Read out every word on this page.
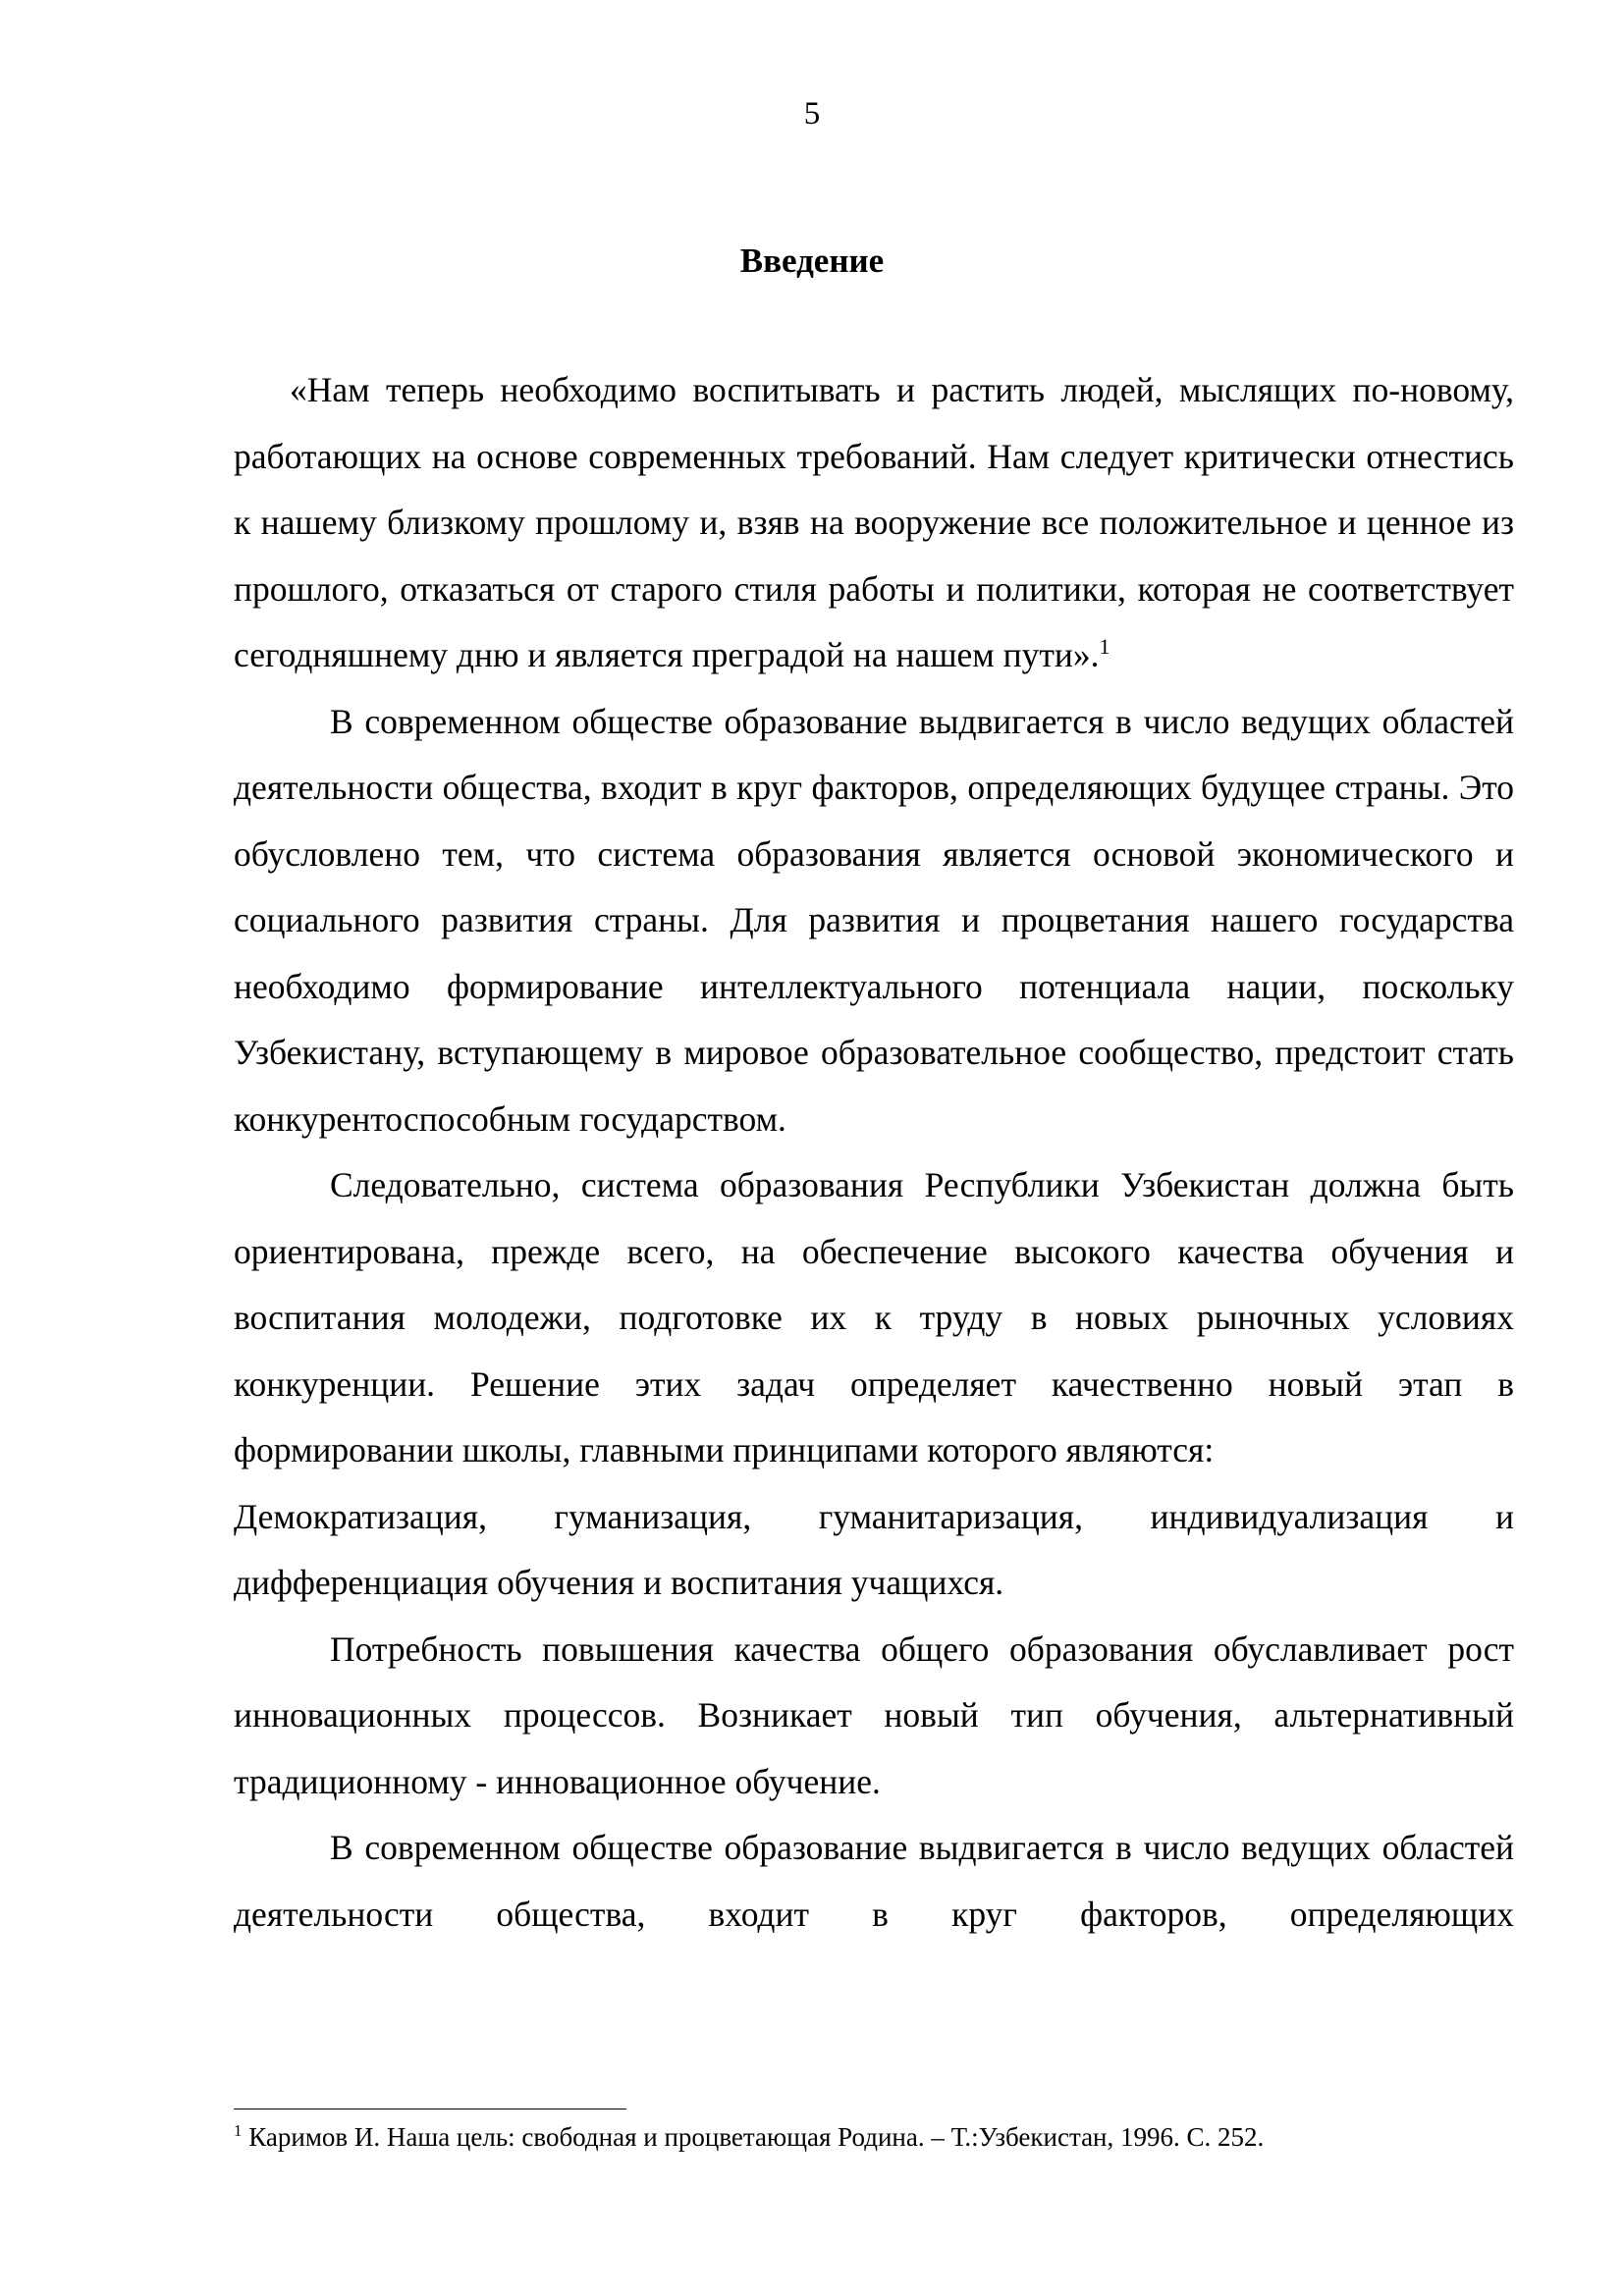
5
Введение

«Нам теперь необходимо воспитывать и растить людей, мыслящих по-новому, работающих на основе современных требований. Нам следует критически отнестись к нашему близкому прошлому и, взяв на вооружение все положительное и ценное из прошлого, отказаться от старого стиля работы и политики, которая не соответствует сегодняшнему дню и является преградой на нашем пути».$^1$

В современном обществе образование выдвигается в число ведущих областей деятельности общества, входит в круг факторов, определяющих будущее страны. Это обусловлено тем, что система образования является основой экономического и социального развития страны. Для развития и процветания нашего государства необходимо формирование интеллектуального потенциала нации, поскольку Узбекистану, вступающему в мировое образовательное сообщество, предстоит стать конкурентоспособным государством.

Следовательно, система образования Республики Узбекистан должна быть ориентирована, прежде всего, на обеспечение высокого качества обучения и воспитания молодежи, подготовке их к труду в новых рыночных условиях конкуренции. Решение этих задач определяет качественно новый этап в формировании школы, главными принципами которого являются:

Демократизация, гуманизация, гуманитаризация, индивидуализация и дифференциация обучения и воспитания учащихся.

Потребность повышения качества общего образования обуславливает рост инновационных процессов. Возникает новый тип обучения, альтернативный традиционному - инновационное обучение.

В современном обществе образование выдвигается в число ведущих областей деятельности общества, входит в круг факторов, определяющих

$^1$ Каримов И. Наша цель: свободная и процветающая Родина. – Т.:Узбекистан, 1996. С. 252.
